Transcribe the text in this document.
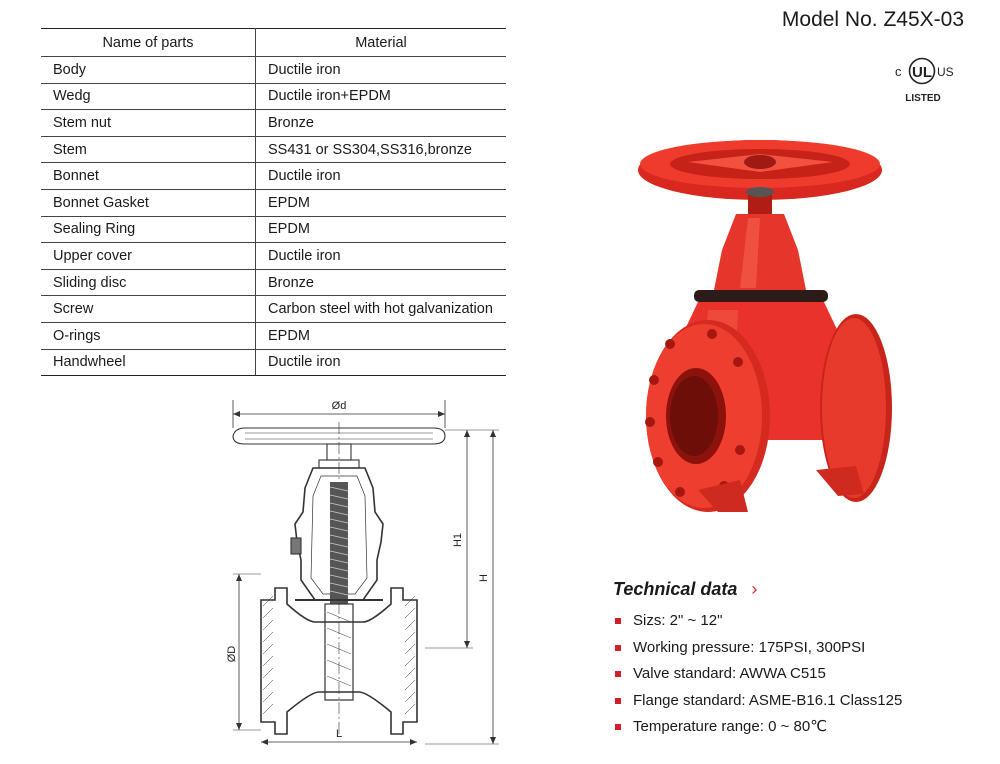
Model No. Z45X-03
c UL US
LISTED
Name of parts	Material
Body	Ductile iron
Wedg	Ductile iron+EPDM
Stem nut	Bronze
Stem	SS431 or SS304,SS316,bronze
Bonnet	Ductile iron
Bonnet Gasket	EPDM
Sealing Ring	EPDM
Upper cover	Ductile iron
Sliding disc	Bronze
Screw	Carbon steel with hot galvanization
O-rings	EPDM
Handwheel	Ductile iron
Ød
ØD
H1
H
L
Technical data ›
Sizs: 2" ~ 12"
Working pressure: 175PSI, 300PSI
Valve standard: AWWA C515
Flange standard: ASME-B16.1 Class125
Temperature range: 0 ~ 80℃
